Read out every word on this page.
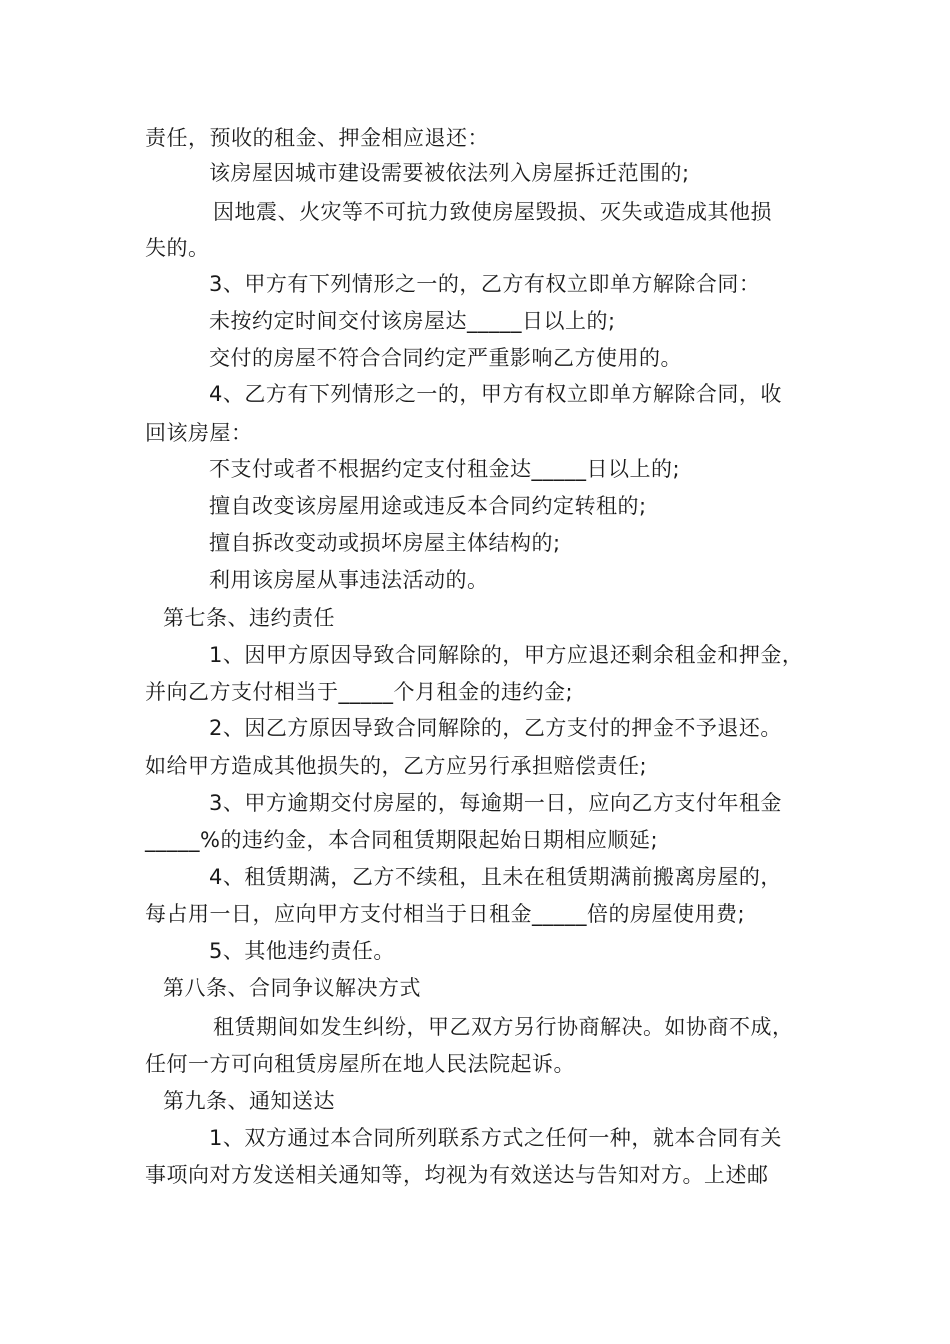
责任，预收的租金、押金相应退还：
该房屋因城市建设需要被依法列入房屋拆迁范围的;
因地震、火灾等不可抗力致使房屋毁损、灭失或造成其他损
失的。
3、甲方有下列情形之一的，乙方有权立即单方解除合同：
未按约定时间交付该房屋达_____日以上的;
交付的房屋不符合合同约定严重影响乙方使用的。
4、乙方有下列情形之一的，甲方有权立即单方解除合同，收
回该房屋：
不支付或者不根据约定支付租金达_____日以上的;
擅自改变该房屋用途或违反本合同约定转租的;
擅自拆改变动或损坏房屋主体结构的;
利用该房屋从事违法活动的。
第七条、违约责任
1、因甲方原因导致合同解除的，甲方应退还剩余租金和押金，
并向乙方支付相当于_____个月租金的违约金;
2、因乙方原因导致合同解除的，乙方支付的押金不予退还。
如给甲方造成其他损失的，乙方应另行承担赔偿责任;
3、甲方逾期交付房屋的，每逾期一日，应向乙方支付年租金
_____%的违约金，本合同租赁期限起始日期相应顺延;
4、租赁期满，乙方不续租，且未在租赁期满前搬离房屋的，
每占用一日，应向甲方支付相当于日租金_____倍的房屋使用费;
5、其他违约责任。
第八条、合同争议解决方式
租赁期间如发生纠纷，甲乙双方另行协商解决。如协商不成，
任何一方可向租赁房屋所在地人民法院起诉。
第九条、通知送达
1、双方通过本合同所列联系方式之任何一种，就本合同有关
事项向对方发送相关通知等，均视为有效送达与告知对方。上述邮
